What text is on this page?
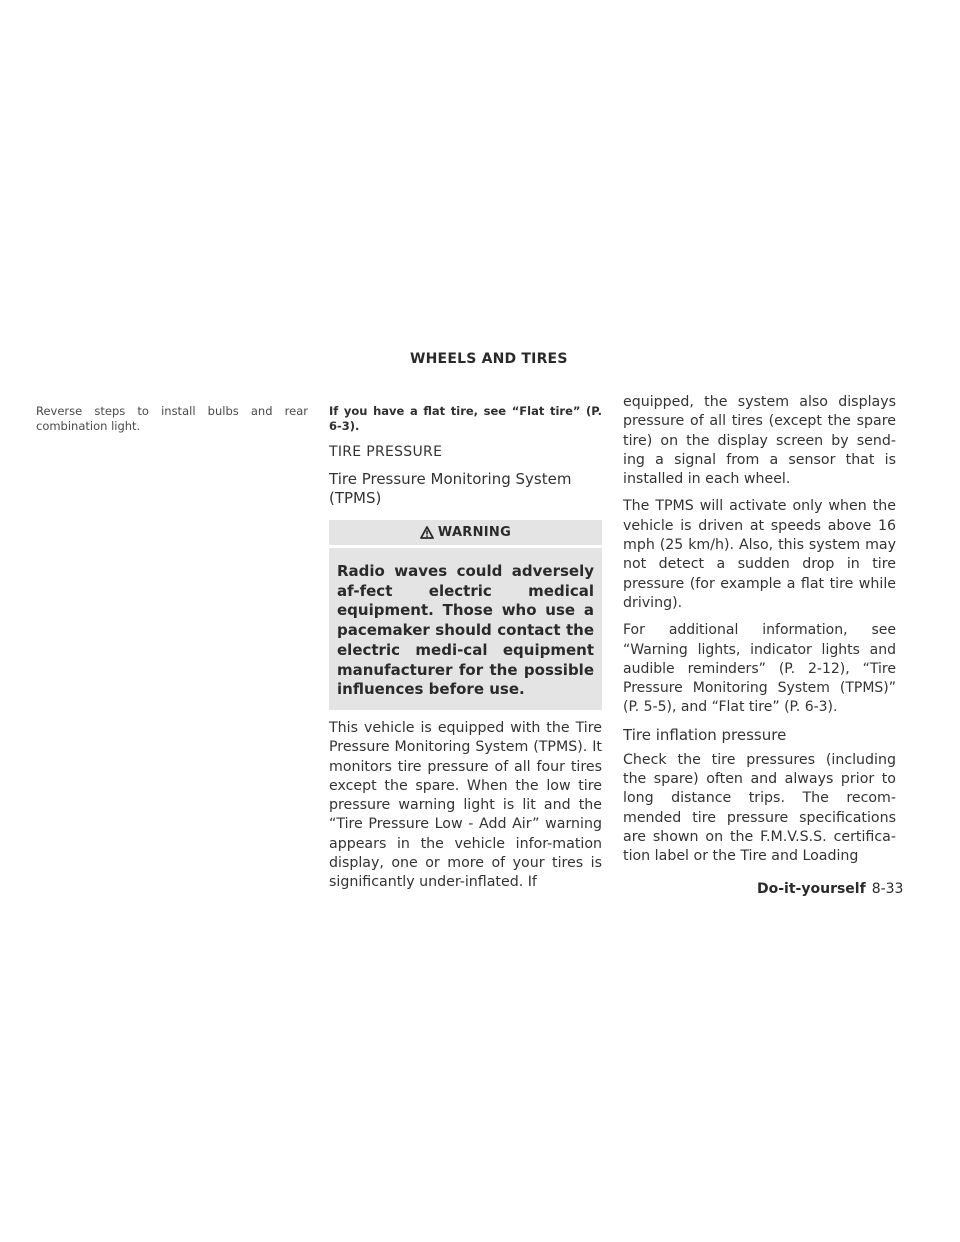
WHEELS AND TIRES

Reverse steps to install bulbs and rear combination light.

If you have a flat tire, see “Flat tire” (P. 6-3).

TIRE PRESSURE
Tire Pressure Monitoring System (TPMS)
WARNING
Radio waves could adversely af-fect electric medical equipment. Those who use a pacemaker should contact the electric medi-cal equipment manufacturer for the possible influences before use.

This vehicle is equipped with the Tire Pressure Monitoring System (TPMS). It monitors tire pressure of all four tires except the spare. When the low tire pressure warning light is lit and the “Tire Pressure Low - Add Air” warning appears in the vehicle infor-mation display, one or more of your tires is significantly under-inflated. If

equipped, the system also displays pressure of all tires (except the spare tire) on the display screen by send-ing a signal from a sensor that is installed in each wheel.

The TPMS will activate only when the vehicle is driven at speeds above 16 mph (25 km/h). Also, this system may not detect a sudden drop in tire pressure (for example a flat tire while driving).

For additional information, see “Warning lights, indicator lights and audible reminders” (P. 2-12), “Tire Pressure Monitoring System (TPMS)” (P. 5-5), and “Flat tire” (P. 6-3).

Tire inflation pressure

Check the tire pressures (including the spare) often and always prior to long distance trips. The recom-mended tire pressure specifications are shown on the F.M.V.S.S. certifica-tion label or the Tire and Loading

Do-it-yourself 8-33
